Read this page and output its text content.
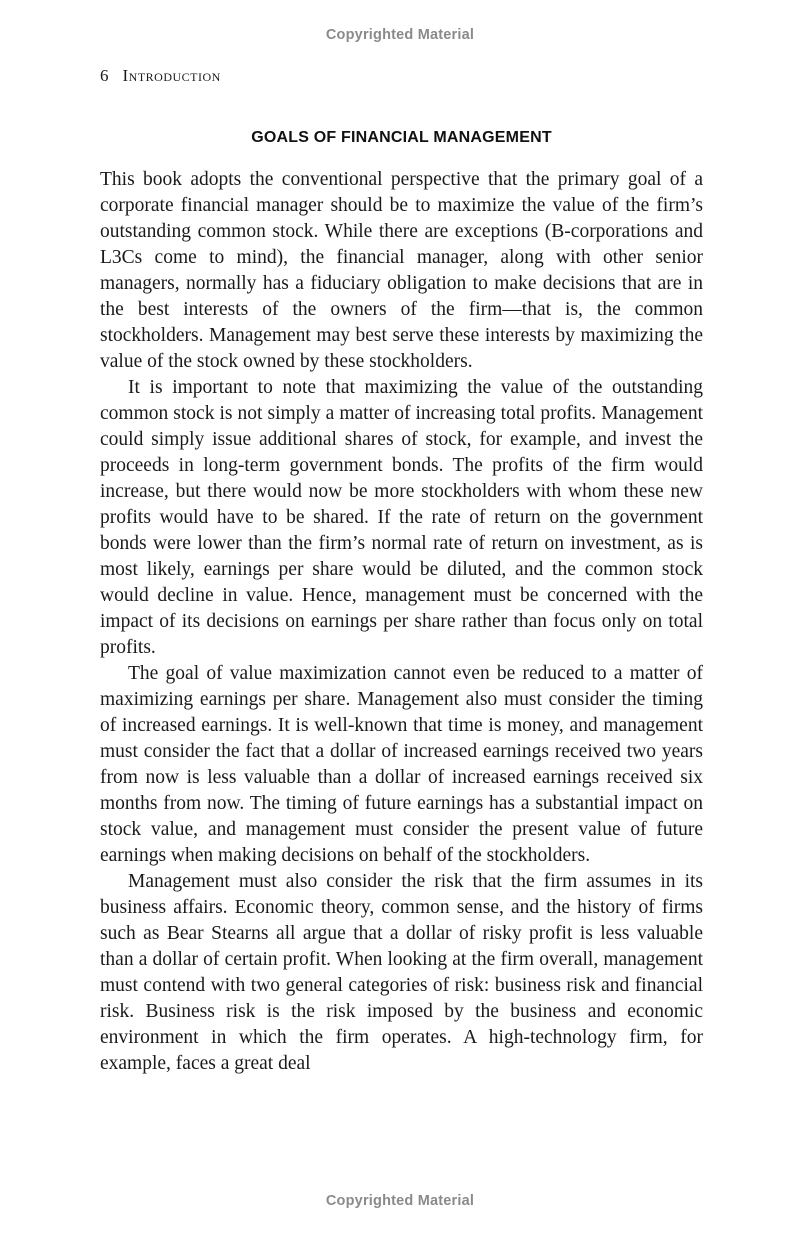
Copyrighted Material
6 Introduction
GOALS OF FINANCIAL MANAGEMENT

This book adopts the conventional perspective that the primary goal of a corporate financial manager should be to maximize the value of the firm’s outstanding common stock. While there are exceptions (B-corporations and L3Cs come to mind), the financial manager, along with other senior managers, normally has a fiduciary obligation to make decisions that are in the best interests of the owners of the firm—that is, the common stockholders. Management may best serve these interests by maximizing the value of the stock owned by these stockholders.

It is important to note that maximizing the value of the outstanding common stock is not simply a matter of increasing total profits. Management could simply issue additional shares of stock, for example, and invest the proceeds in long-term government bonds. The profits of the firm would increase, but there would now be more stockholders with whom these new profits would have to be shared. If the rate of return on the government bonds were lower than the firm’s normal rate of return on investment, as is most likely, earnings per share would be diluted, and the common stock would decline in value. Hence, management must be concerned with the impact of its decisions on earnings per share rather than focus only on total profits.

The goal of value maximization cannot even be reduced to a matter of maximizing earnings per share. Management also must consider the timing of increased earnings. It is well-known that time is money, and management must consider the fact that a dollar of increased earnings received two years from now is less valuable than a dollar of increased earnings received six months from now. The timing of future earnings has a substantial impact on stock value, and management must consider the present value of future earnings when making decisions on behalf of the stockholders.

Management must also consider the risk that the firm assumes in its business affairs. Economic theory, common sense, and the history of firms such as Bear Stearns all argue that a dollar of risky profit is less valuable than a dollar of certain profit. When looking at the firm overall, management must contend with two general categories of risk: business risk and financial risk. Business risk is the risk imposed by the business and economic environment in which the firm operates. A high-technology firm, for example, faces a great deal

Copyrighted Material
